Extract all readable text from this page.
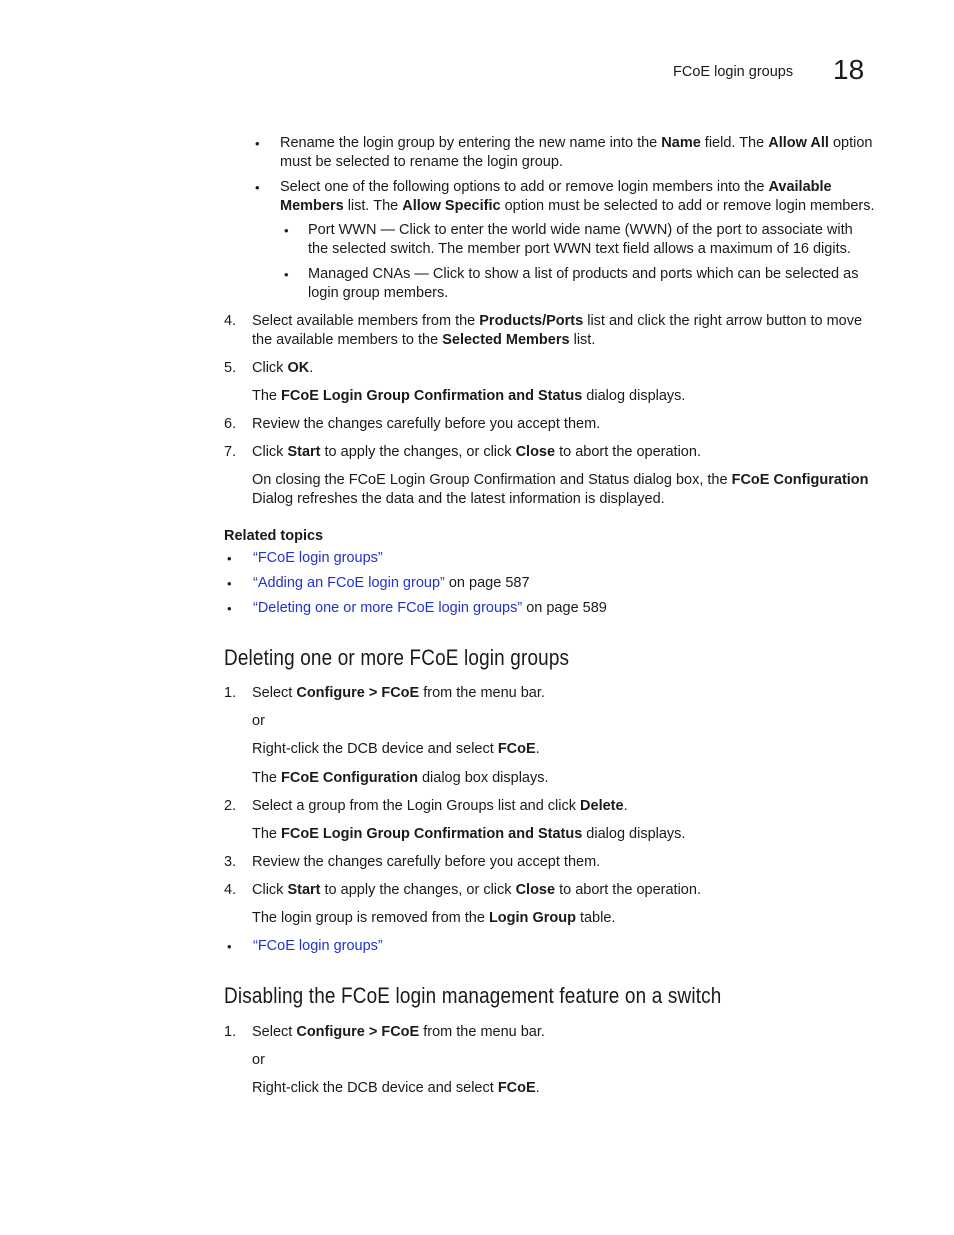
FCoE login groups 18
• Rename the login group by entering the new name into the Name field. The Allow All option
must be selected to rename the login group.
• Select one of the following options to add or remove login members into the Available
Members list. The Allow Specific option must be selected to add or remove login members.
• Port WWN — Click to enter the world wide name (WWN) of the port to associate with
the selected switch. The member port WWN text field allows a maximum of 16 digits.
• Managed CNAs — Click to show a list of products and ports which can be selected as
login group members.
4. Select available members from the Products/Ports list and click the right arrow button to move
the available members to the Selected Members list.
5. Click OK.
The FCoE Login Group Confirmation and Status dialog displays.
6. Review the changes carefully before you accept them.
7. Click Start to apply the changes, or click Close to abort the operation.
On closing the FCoE Login Group Confirmation and Status dialog box, the FCoE Configuration
Dialog refreshes the data and the latest information is displayed.
Related topics
• “FCoE login groups”
• “Adding an FCoE login group” on page 587
• “Deleting one or more FCoE login groups” on page 589
Deleting one or more FCoE login groups
1. Select Configure > FCoE from the menu bar.
or
Right-click the DCB device and select FCoE.
The FCoE Configuration dialog box displays.
2. Select a group from the Login Groups list and click Delete.
The FCoE Login Group Confirmation and Status dialog displays.
3. Review the changes carefully before you accept them.
4. Click Start to apply the changes, or click Close to abort the operation.
The login group is removed from the Login Group table.
• “FCoE login groups”
Disabling the FCoE login management feature on a switch
1. Select Configure > FCoE from the menu bar.
or
Right-click the DCB device and select FCoE.
